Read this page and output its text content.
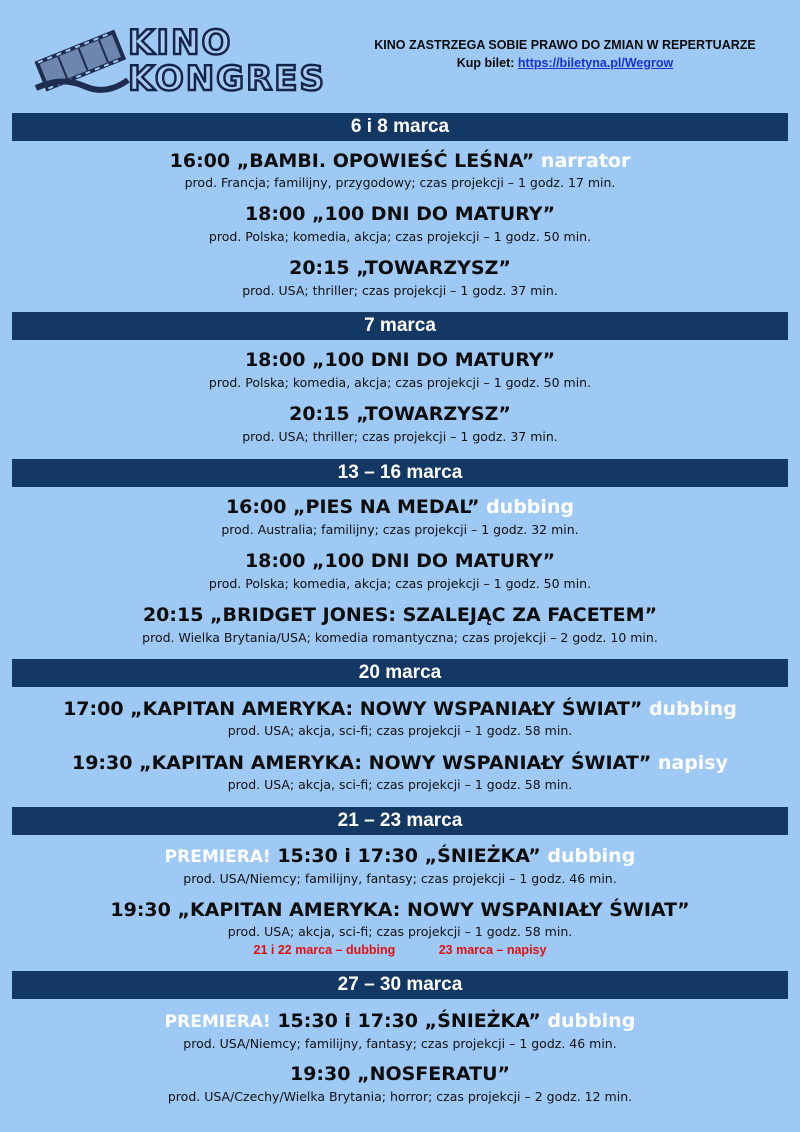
KINO
KONGRES
KINO ZASTRZEGA SOBIE PRAWO DO ZMIAN W REPERTUARZE
Kup bilet: https://biletyna.pl/Wegrow
6 i 8 marca
16:00 „BAMBI. OPOWIEŚĆ LEŚNA” narrator
prod. Francja; familijny, przygodowy; czas projekcji – 1 godz. 17 min.
18:00 „100 DNI DO MATURY”
prod. Polska; komedia, akcja; czas projekcji – 1 godz. 50 min.
20:15 „TOWARZYSZ”
prod. USA; thriller; czas projekcji – 1 godz. 37 min.
7 marca
18:00 „100 DNI DO MATURY”
prod. Polska; komedia, akcja; czas projekcji – 1 godz. 50 min.
20:15 „TOWARZYSZ”
prod. USA; thriller; czas projekcji – 1 godz. 37 min.
13 – 16 marca
16:00 „PIES NA MEDAL” dubbing
prod. Australia; familijny; czas projekcji – 1 godz. 32 min.
18:00 „100 DNI DO MATURY”
prod. Polska; komedia, akcja; czas projekcji – 1 godz. 50 min.
20:15 „BRIDGET JONES: SZALEJĄC ZA FACETEM”
prod. Wielka Brytania/USA; komedia romantyczna; czas projekcji – 2 godz. 10 min.
20 marca
17:00 „KAPITAN AMERYKA: NOWY WSPANIAŁY ŚWIAT” dubbing
prod. USA; akcja, sci-fi; czas projekcji – 1 godz. 58 min.
19:30 „KAPITAN AMERYKA: NOWY WSPANIAŁY ŚWIAT” napisy
prod. USA; akcja, sci-fi; czas projekcji – 1 godz. 58 min.
21 – 23 marca
PREMIERA! 15:30 i 17:30 „ŚNIEŻKA” dubbing
prod. USA/Niemcy; familijny, fantasy; czas projekcji – 1 godz. 46 min.
19:30 „KAPITAN AMERYKA: NOWY WSPANIAŁY ŚWIAT”
prod. USA; akcja, sci-fi; czas projekcji – 1 godz. 58 min.
21 i 22 marca – dubbing	23 marca – napisy
27 – 30 marca
PREMIERA! 15:30 i 17:30 „ŚNIEŻKA” dubbing
prod. USA/Niemcy; familijny, fantasy; czas projekcji – 1 godz. 46 min.
19:30 „NOSFERATU”
prod. USA/Czechy/Wielka Brytania; horror; czas projekcji – 2 godz. 12 min.
